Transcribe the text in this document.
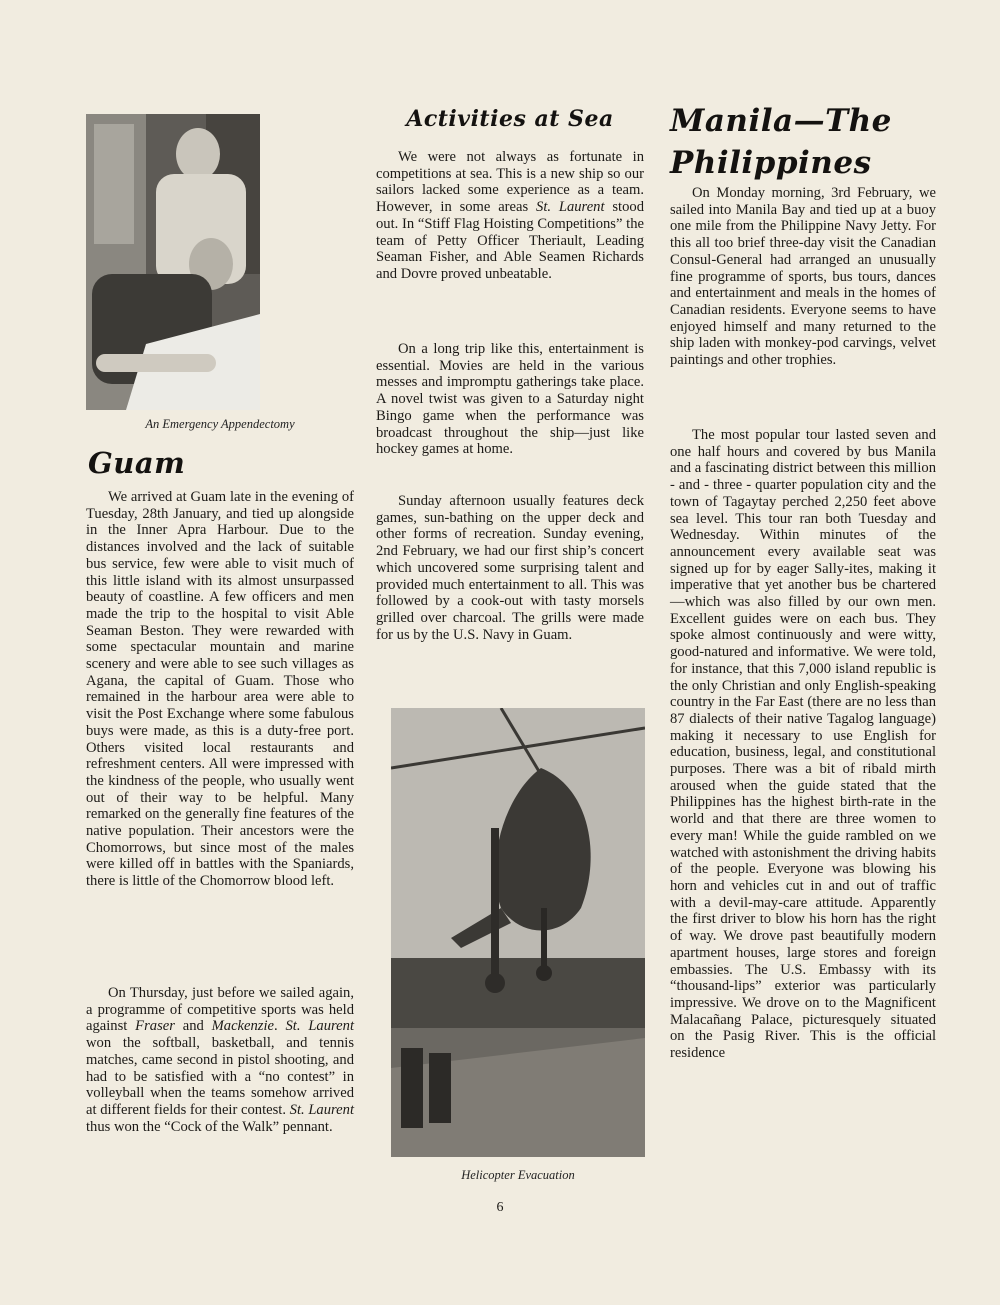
An Emergency Appendectomy
Guam

We arrived at Guam late in the evening of Tuesday, 28th January, and tied up alongside in the Inner Apra Harbour. Due to the distances involved and the lack of suitable bus service, few were able to visit much of this little island with its almost unsurpassed beauty of coastline. A few officers and men made the trip to the hospital to visit Able Seaman Beston. They were rewarded with some spectacular mountain and marine scenery and were able to see such villages as Agana, the capital of Guam. Those who remained in the harbour area were able to visit the Post Exchange where some fabulous buys were made, as this is a duty-free port. Others visited local restaurants and refreshment centers. All were impressed with the kindness of the people, who usually went out of their way to be helpful. Many remarked on the generally fine features of the native population. Their ancestors were the Chomorrows, but since most of the males were killed off in battles with the Spaniards, there is little of the Chomorrow blood left.

On Thursday, just before we sailed again, a programme of competitive sports was held against Fraser and Mackenzie. St. Laurent won the softball, basketball, and tennis matches, came second in pistol shooting, and had to be satisfied with a “no contest” in volleyball when the teams somehow arrived at different fields for their contest. St. Laurent thus won the “Cock of the Walk” pennant.

Activities at Sea

We were not always as fortunate in competitions at sea. This is a new ship so our sailors lacked some experience as a team. However, in some areas St. Laurent stood out. In “Stiff Flag Hoisting Competitions” the team of Petty Officer Theriault, Leading Seaman Fisher, and Able Seamen Richards and Dovre proved unbeatable.

On a long trip like this, entertainment is essential. Movies are held in the various messes and impromptu gatherings take place. A novel twist was given to a Saturday night Bingo game when the performance was broadcast throughout the ship—just like hockey games at home.

Sunday afternoon usually features deck games, sun-bathing on the upper deck and other forms of recreation. Sunday evening, 2nd February, we had our first ship’s concert which uncovered some surprising talent and provided much entertainment to all. This was followed by a cook-out with tasty morsels grilled over charcoal. The grills were made for us by the U.S. Navy in Guam.

Helicopter Evacuation
Manila—The
Philippines

On Monday morning, 3rd February, we sailed into Manila Bay and tied up at a buoy one mile from the Philippine Navy Jetty. For this all too brief three-day visit the Canadian Consul-General had arranged an unusually fine programme of sports, bus tours, dances and entertainment and meals in the homes of Canadian residents. Everyone seems to have enjoyed himself and many returned to the ship laden with monkey-pod carvings, velvet paintings and other trophies.

The most popular tour lasted seven and one half hours and covered by bus Manila and a fascinating district between this million - and - three - quarter population city and the town of Tagaytay perched 2,250 feet above sea level. This tour ran both Tuesday and Wednesday. Within minutes of the announcement every available seat was signed up for by eager Sally-ites, making it imperative that yet another bus be chartered—which was also filled by our own men. Excellent guides were on each bus. They spoke almost continuously and were witty, good-natured and informative. We were told, for instance, that this 7,000 island republic is the only Christian and only English-speaking country in the Far East (there are no less than 87 dialects of their native Tagalog language) making it necessary to use English for education, business, legal, and constitutional purposes. There was a bit of ribald mirth aroused when the guide stated that the Philippines has the highest birth-rate in the world and that there are three women to every man! While the guide rambled on we watched with astonishment the driving habits of the people. Everyone was blowing his horn and vehicles cut in and out of traffic with a devil-may-care attitude. Apparently the first driver to blow his horn has the right of way. We drove past beautifully modern apartment houses, large stores and foreign embassies. The U.S. Embassy with its “thousand-lips” exterior was particularly impressive. We drove on to the Magnificent Malacañang Palace, picturesquely situated on the Pasig River. This is the official residence

6
